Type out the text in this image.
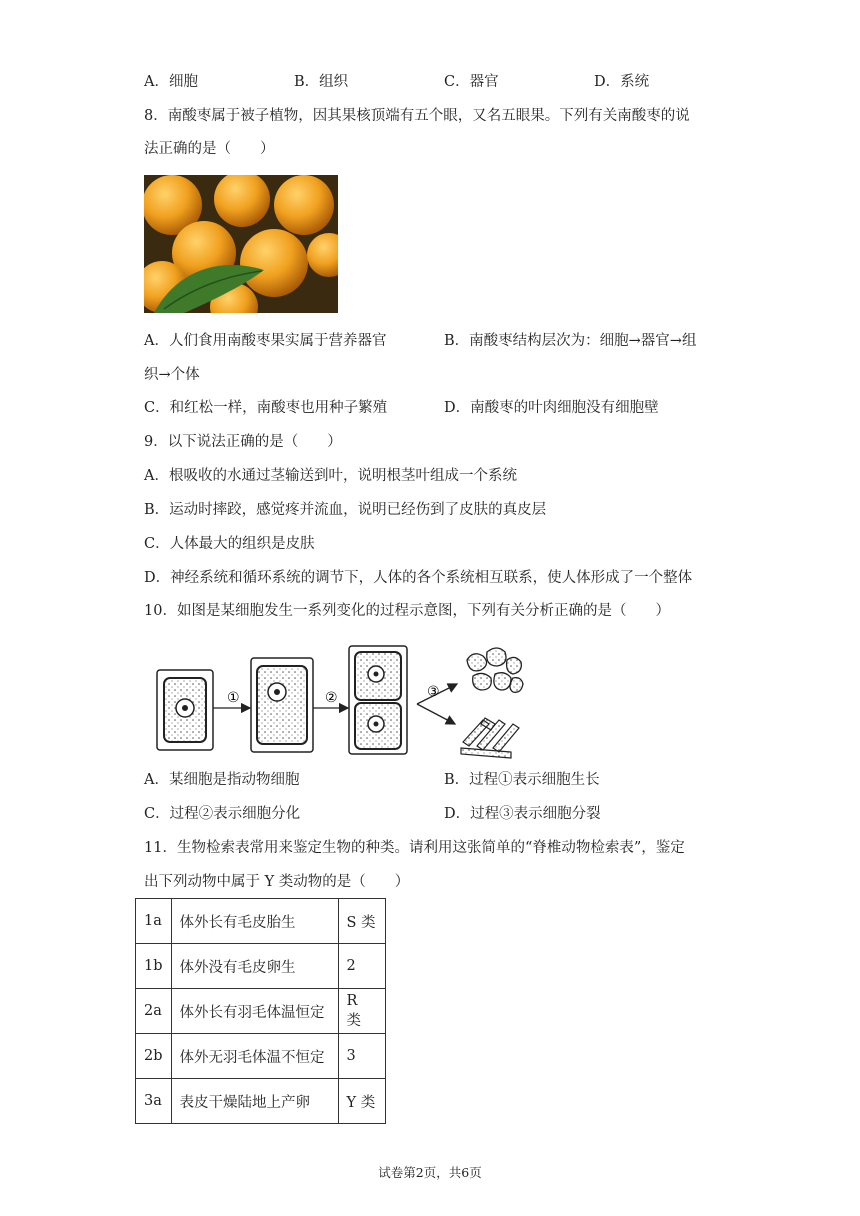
A．细胞	B．组织	C．器官	D．系统
8．南酸枣属于被子植物，因其果核顶端有五个眼，又名五眼果。下列有关南酸枣的说
法正确的是（　　）
A．人们食用南酸枣果实属于营养器官	B．南酸枣结构层次为：细胞→器官→组
织→个体
C．和红松一样，南酸枣也用种子繁殖	D．南酸枣的叶肉细胞没有细胞壁
9．以下说法正确的是（　　）
A．根吸收的水通过茎输送到叶，说明根茎叶组成一个系统
B．运动时摔跤，感觉疼并流血，说明已经伤到了皮肤的真皮层
C．人体最大的组织是皮肤
D．神经系统和循环系统的调节下，人体的各个系统相互联系，使人体形成了一个整体
10．如图是某细胞发生一系列变化的过程示意图，下列有关分析正确的是（　　）
①	②	③
A．某细胞是指动物细胞	B．过程①表示细胞生长
C．过程②表示细胞分化	D．过程③表示细胞分裂
11．生物检索表常用来鉴定生物的种类。请利用这张简单的“脊椎动物检索表”，鉴定
出下列动物中属于 Y 类动物的是（　　）
1a	体外长有毛皮胎生	S 类
1b	体外没有毛皮卵生	2
2a	体外长有羽毛体温恒定	R 类
2b	体外无羽毛体温不恒定	3
3a	表皮干燥陆地上产卵	Y 类
试卷第2页，共6页
